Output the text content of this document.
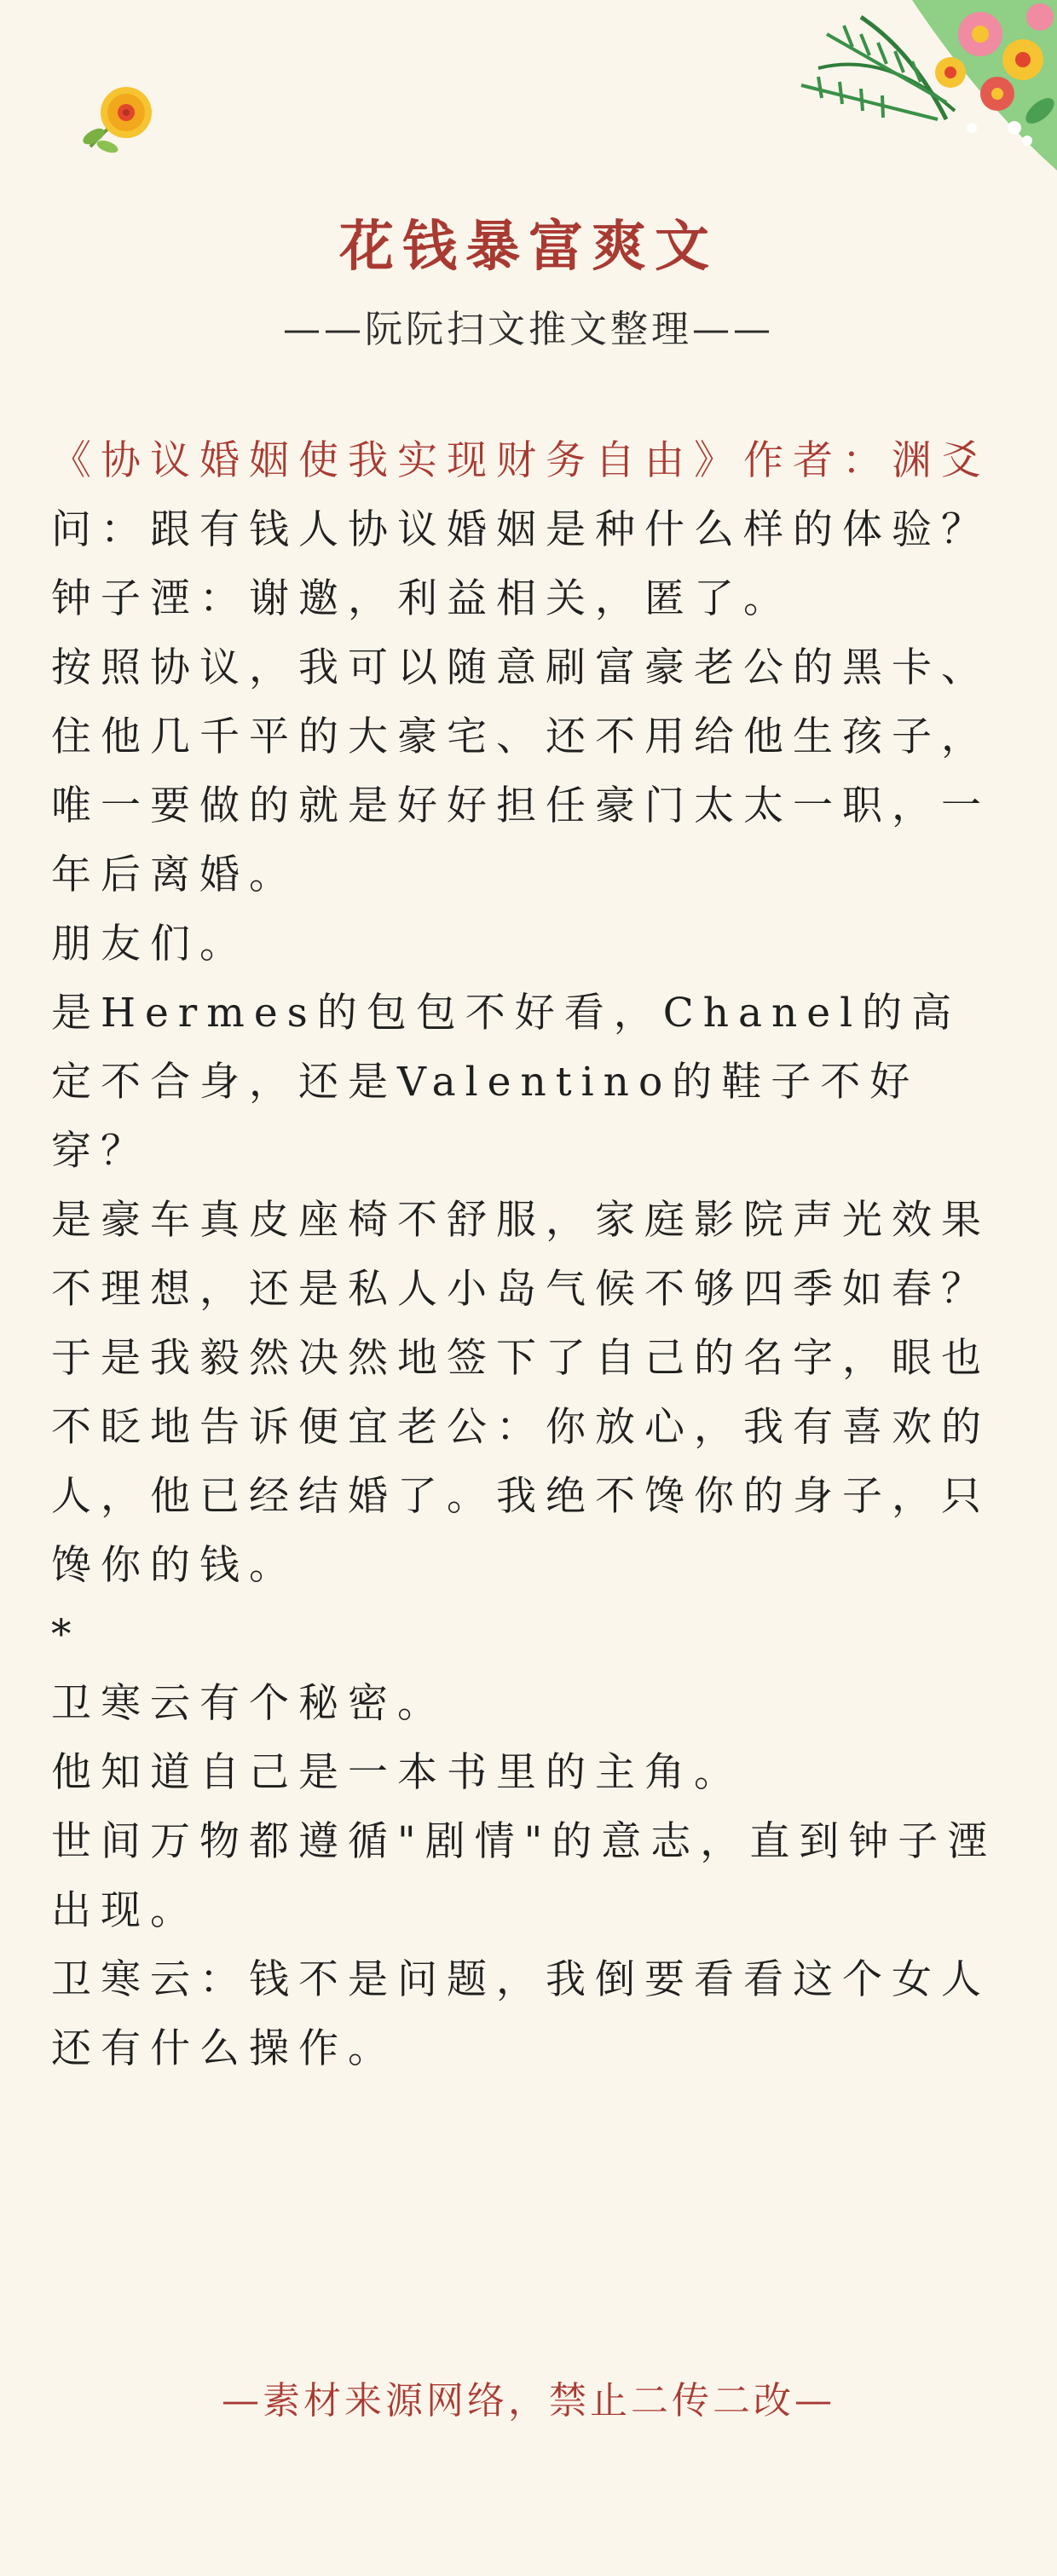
花钱暴富爽文
——阮阮扫文推文整理——

《协议婚姻使我实现财务自由》作者：渊爻

问：跟有钱人协议婚姻是种什么样的体验？

钟子湮：谢邀，利益相关，匿了。

按照协议，我可以随意刷富豪老公的黑卡、住他几千平的大豪宅、还不用给他生孩子，唯一要做的就是好好担任豪门太太一职，一年后离婚。

朋友们。

是Hermes的包包不好看，Chanel的高定不合身，还是Valentino的鞋子不好穿？

是豪车真皮座椅不舒服，家庭影院声光效果不理想，还是私人小岛气候不够四季如春？

于是我毅然决然地签下了自己的名字，眼也不眨地告诉便宜老公：你放心，我有喜欢的人，他已经结婚了。我绝不馋你的身子，只馋你的钱。

*

卫寒云有个秘密。

他知道自己是一本书里的主角。

世间万物都遵循"剧情"的意志，直到钟子湮出现。

卫寒云：钱不是问题，我倒要看看这个女人还有什么操作。

—素材来源网络，禁止二传二改—
